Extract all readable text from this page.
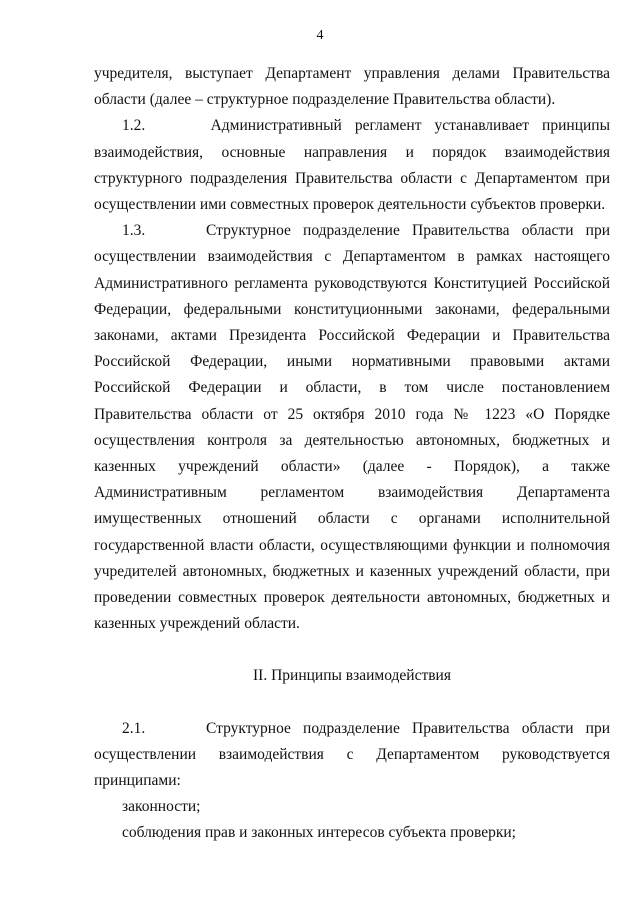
4

учредителя, выступает Департамент управления делами Правительства области (далее – структурное подразделение Правительства области).

1.2.     Административный регламент устанавливает принципы взаимодействия, основные направления и порядок взаимодействия структурного подразделения Правительства области с Департаментом при осуществлении ими совместных проверок деятельности субъектов проверки.

1.3.     Структурное подразделение Правительства области при осуществлении взаимодействия с Департаментом в рамках настоящего Административного регламента руководствуются Конституцией Российской Федерации, федеральными конституционными законами, федеральными законами, актами Президента Российской Федерации и Правительства Российской Федерации, иными нормативными правовыми актами Российской Федерации и области, в том числе постановлением Правительства области от 25 октября 2010 года № 1223 «О Порядке осуществления контроля за деятельностью автономных, бюджетных и казенных учреждений области» (далее - Порядок), а также Административным регламентом взаимодействия Департамента имущественных отношений области с органами исполнительной государственной власти области, осуществляющими функции и полномочия учредителей автономных, бюджетных и казенных учреждений области, при проведении совместных проверок деятельности автономных, бюджетных и казенных учреждений области.

II. Принципы взаимодействия

2.1.     Структурное подразделение Правительства области при осуществлении взаимодействия с Департаментом руководствуется принципами:

законности;

соблюдения прав и законных интересов субъекта проверки;
